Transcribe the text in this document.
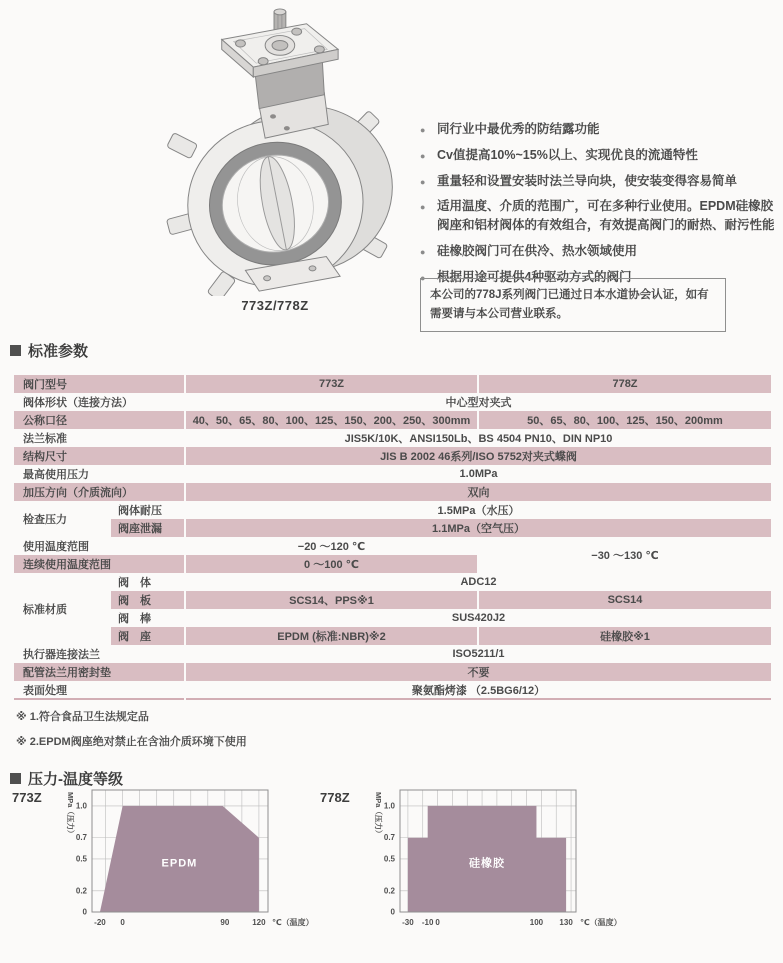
773Z/778Z
● 同行业中最优秀的防结露功能
● Cv值提高10%~15%以上、实现优良的流通特性
● 重量轻和设置安装时法兰导向块，使安装变得容易简单
● 适用温度、介质的范围广，可在多种行业使用。EPDM硅橡胶阀座和铝材阀体的有效组合，有效提高阀门的耐热、耐污性能
● 硅橡胶阀门可在供冷、热水领域使用
● 根据用途可提供4种驱动方式的阀门
本公司的778J系列阀门已通过日本水道协会认证，如有需要请与本公司营业联系。
标准参数
阀门型号		773Z	778Z
阀体形状（连接方法）		中心型对夹式	
公称口径		40、50、65、80、100、125、150、200、250、300mm	50、65、80、100、125、150、200mm
法兰标准		JIS5K/10K、ANSI150Lb、BS 4504 PN10、DIN NP10	
结构尺寸		JIS B 2002 46系列/ISO 5752对夹式蝶阀	
最高使用压力		1.0MPa	
加压方向（介质流向）		双向	
检查压力	阀体耐压	1.5MPa（水压）	
	阀座泄漏	1.1MPa（空气压）	
使用温度范围		−20 ～120 ℃	−30 ～130 ℃
连续使用温度范围		0 ～100 ℃	
标准材质	阀　体	ADC12	
	阀　板	SCS14、PPS※1	SCS14
	阀　棒	SUS420J2	
	阀　座	EPDM (标准:NBR)※2	硅橡胶※1
执行器连接法兰		ISO5211/1	
配管法兰用密封垫		不要	
表面处理		聚氨酯烤漆 （2.5BG6/12）	
※ 1.符合食品卫生法规定品
※ 2.EPDM阀座绝对禁止在含油介质环境下使用
压力-温度等级
773Z
0
0.2
0.5
0.7
1.0
-20 0	90	120 ℃（温度）
MPa（压力）
EPDM
778Z
0
0.2
0.5
0.7
1.0
-30 -10 0	100 130 ℃（温度）
MPa（压力）
硅橡胶
